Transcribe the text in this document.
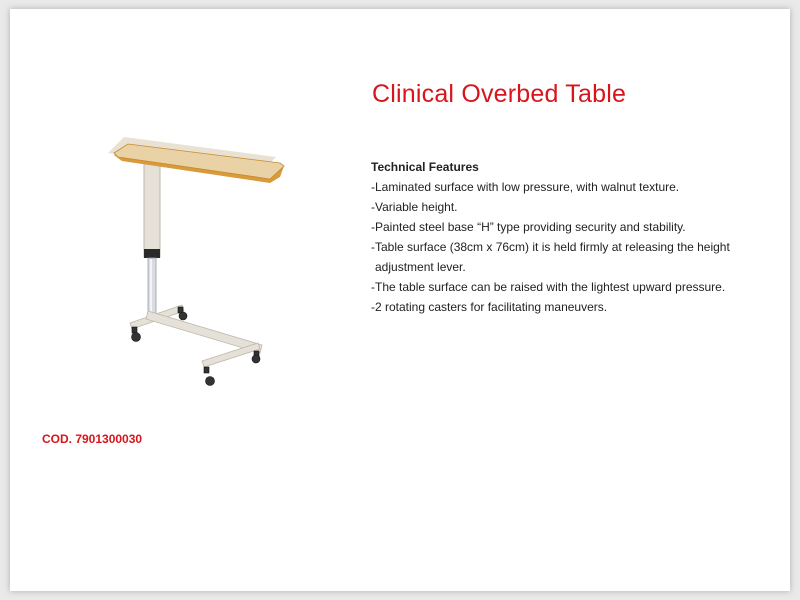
Clinical Overbed Table
Technical Features
-Laminated surface with low pressure, with walnut texture.
-Variable height.
-Painted steel base “H” type providing security and stability.
-Table surface (38cm x 76cm) it is held firmly at releasing the height
adjustment lever.
-The table surface can be raised with the lightest upward pressure.
-2 rotating casters for facilitating maneuvers.
COD. 7901300030
